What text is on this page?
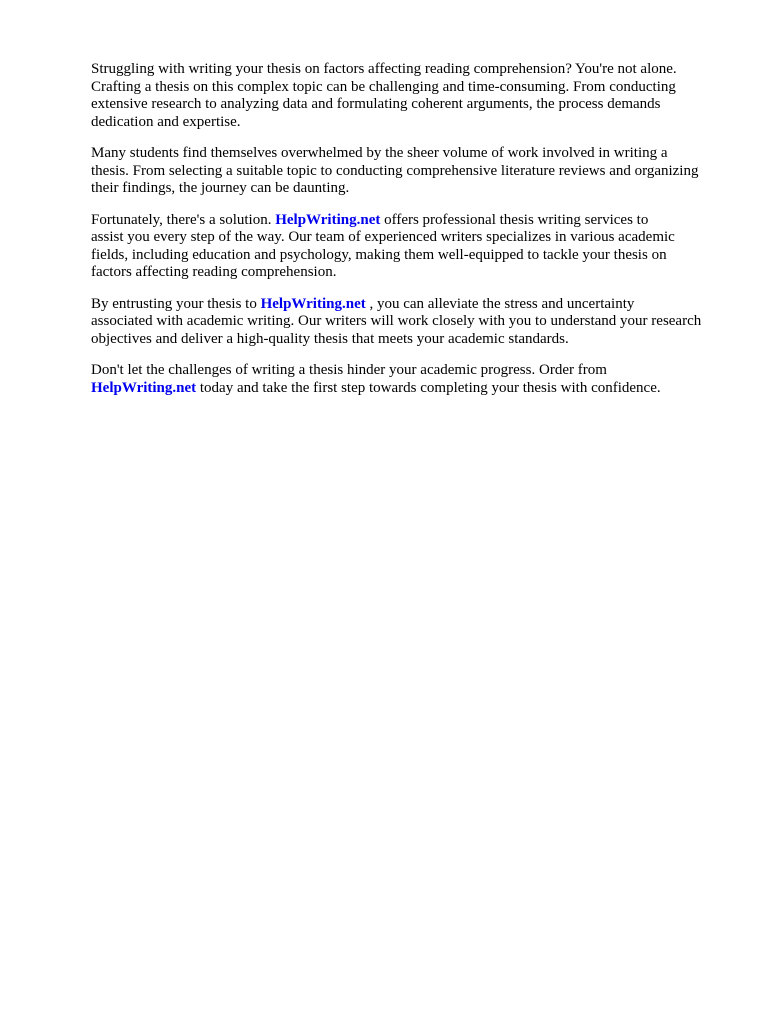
Struggling with writing your thesis on factors affecting reading comprehension? You're not alone.
Crafting a thesis on this complex topic can be challenging and time-consuming. From conducting
extensive research to analyzing data and formulating coherent arguments, the process demands
dedication and expertise.

Many students find themselves overwhelmed by the sheer volume of work involved in writing a
thesis. From selecting a suitable topic to conducting comprehensive literature reviews and organizing
their findings, the journey can be daunting.

Fortunately, there's a solution. HelpWriting.net offers professional thesis writing services to
assist you every step of the way. Our team of experienced writers specializes in various academic
fields, including education and psychology, making them well-equipped to tackle your thesis on
factors affecting reading comprehension.

By entrusting your thesis to HelpWriting.net , you can alleviate the stress and uncertainty
associated with academic writing. Our writers will work closely with you to understand your research
objectives and deliver a high-quality thesis that meets your academic standards.

Don't let the challenges of writing a thesis hinder your academic progress. Order from
HelpWriting.net today and take the first step towards completing your thesis with confidence.
